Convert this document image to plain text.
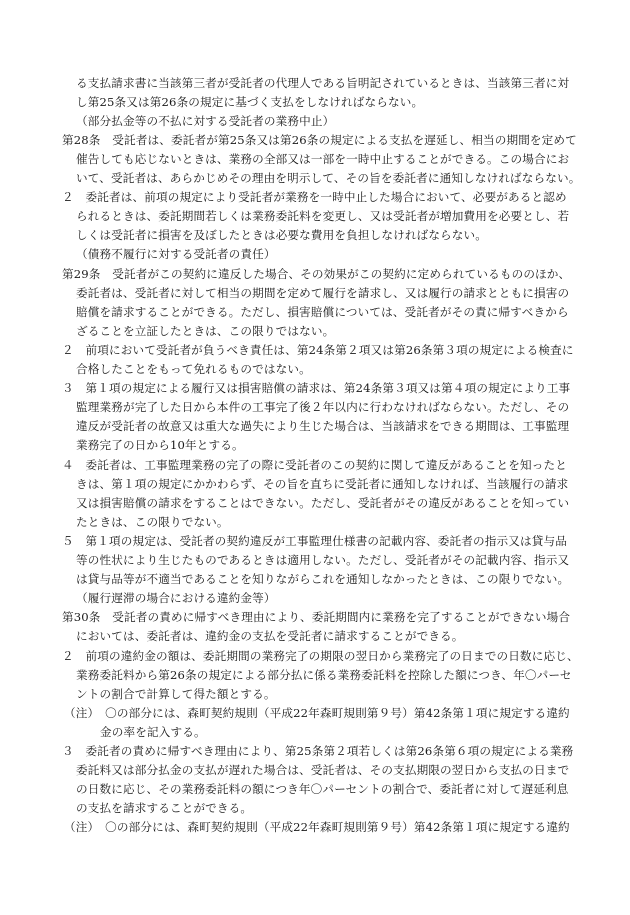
る支払請求書に当該第三者が受託者の代理人である旨明記されているときは、当該第三者に対
し第25条又は第26条の規定に基づく支払をしなければならない。
（部分払金等の不払に対する受託者の業務中止）
第28条　受託者は、委託者が第25条又は第26条の規定による支払を遅延し、相当の期間を定めて
催告しても応じないときは、業務の全部又は一部を一時中止することができる。この場合にお
いて、受託者は、あらかじめその理由を明示して、その旨を委託者に通知しなければならない。
２　委託者は、前項の規定により受託者が業務を一時中止した場合において、必要があると認め
られるときは、委託期間若しくは業務委託料を変更し、又は受託者が増加費用を必要とし、若
しくは受託者に損害を及ぼしたときは必要な費用を負担しなければならない。
（債務不履行に対する受託者の責任）
第29条　受託者がこの契約に違反した場合、その効果がこの契約に定められているもののほか、
委託者は、受託者に対して相当の期間を定めて履行を請求し、又は履行の請求とともに損害の
賠償を請求することができる。ただし、損害賠償については、受託者がその責に帰すべきから
ざることを立証したときは、この限りではない。
２　前項において受託者が負うべき責任は、第24条第２項又は第26条第３項の規定による検査に
合格したことをもって免れるものではない。
３　第１項の規定による履行又は損害賠償の請求は、第24条第３項又は第４項の規定により工事
監理業務が完了した日から本件の工事完了後２年以内に行わなければならない。ただし、その
違反が受託者の故意又は重大な過失により生じた場合は、当該請求をできる期間は、工事監理
業務完了の日から10年とする。
４　委託者は、工事監理業務の完了の際に受託者のこの契約に関して違反があることを知ったと
きは、第１項の規定にかかわらず、その旨を直ちに受託者に通知しなければ、当該履行の請求
又は損害賠償の請求をすることはできない。ただし、受託者がその違反があることを知ってい
たときは、この限りでない。
５　第１項の規定は、受託者の契約違反が工事監理仕様書の記載内容、委託者の指示又は貸与品
等の性状により生じたものであるときは適用しない。ただし、受託者がその記載内容、指示又
は貸与品等が不適当であることを知りながらこれを通知しなかったときは、この限りでない。
（履行遅滞の場合における違約金等）
第30条　受託者の責めに帰すべき理由により、委託期間内に業務を完了することができない場合
においては、委託者は、違約金の支払を受託者に請求することができる。
２　前項の違約金の額は、委託期間の業務完了の期限の翌日から業務完了の日までの日数に応じ、
業務委託料から第26条の規定による部分払に係る業務委託料を控除した額につき、年〇パーセ
ントの割合で計算して得た額とする。
（注）　〇の部分には、森町契約規則（平成22年森町規則第９号）第42条第１項に規定する違約
金の率を記入する。
３　委託者の責めに帰すべき理由により、第25条第２項若しくは第26条第６項の規定による業務
委託料又は部分払金の支払が遅れた場合は、受託者は、その支払期限の翌日から支払の日まで
の日数に応じ、その業務委託料の額につき年〇パーセントの割合で、委託者に対して遅延利息
の支払を請求することができる。
（注）　〇の部分には、森町契約規則（平成22年森町規則第９号）第42条第１項に規定する違約
